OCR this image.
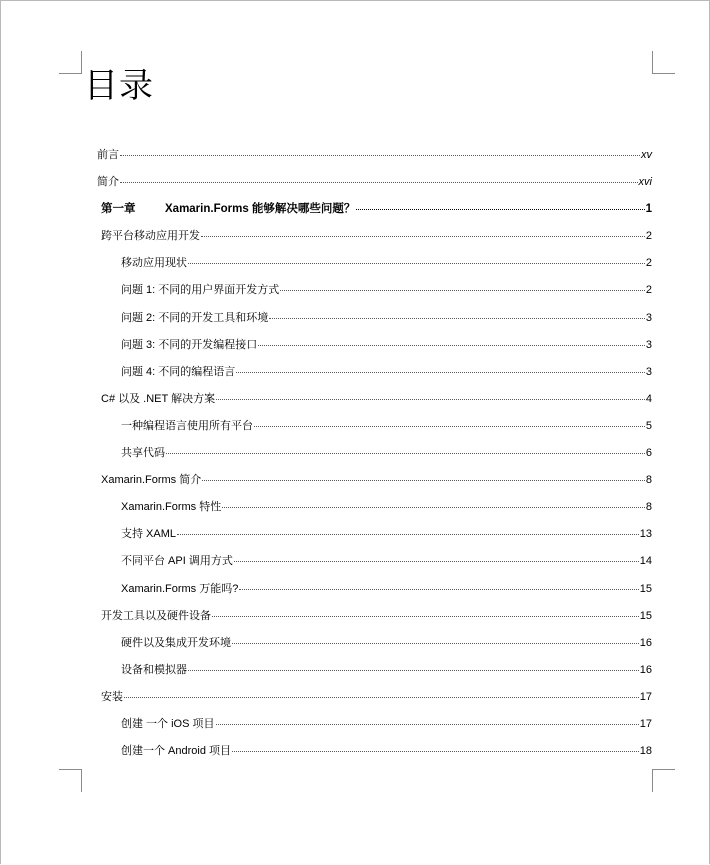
目录
前言	xv
简介	xvi
第一章	Xamarin.Forms 能够解决哪些问题？	1
跨平台移动应用开发	2
移动应用现状	2
问题 1: 不同的用户界面开发方式	2
问题 2: 不同的开发工具和环境	3
问题 3: 不同的开发编程接口	3
问题 4: 不同的编程语言	3
C# 以及 .NET 解决方案	4
一种编程语言使用所有平台	5
共享代码	6
Xamarin.Forms 简介	8
Xamarin.Forms 特性	8
支持 XAML	13
不同平台 API 调用方式	14
Xamarin.Forms 万能吗?	15
开发工具以及硬件设备	15
硬件以及集成开发环境	16
设备和模拟器	16
安装	17
创建 一个 iOS 项目	17
创建一个 Android 项目	18
